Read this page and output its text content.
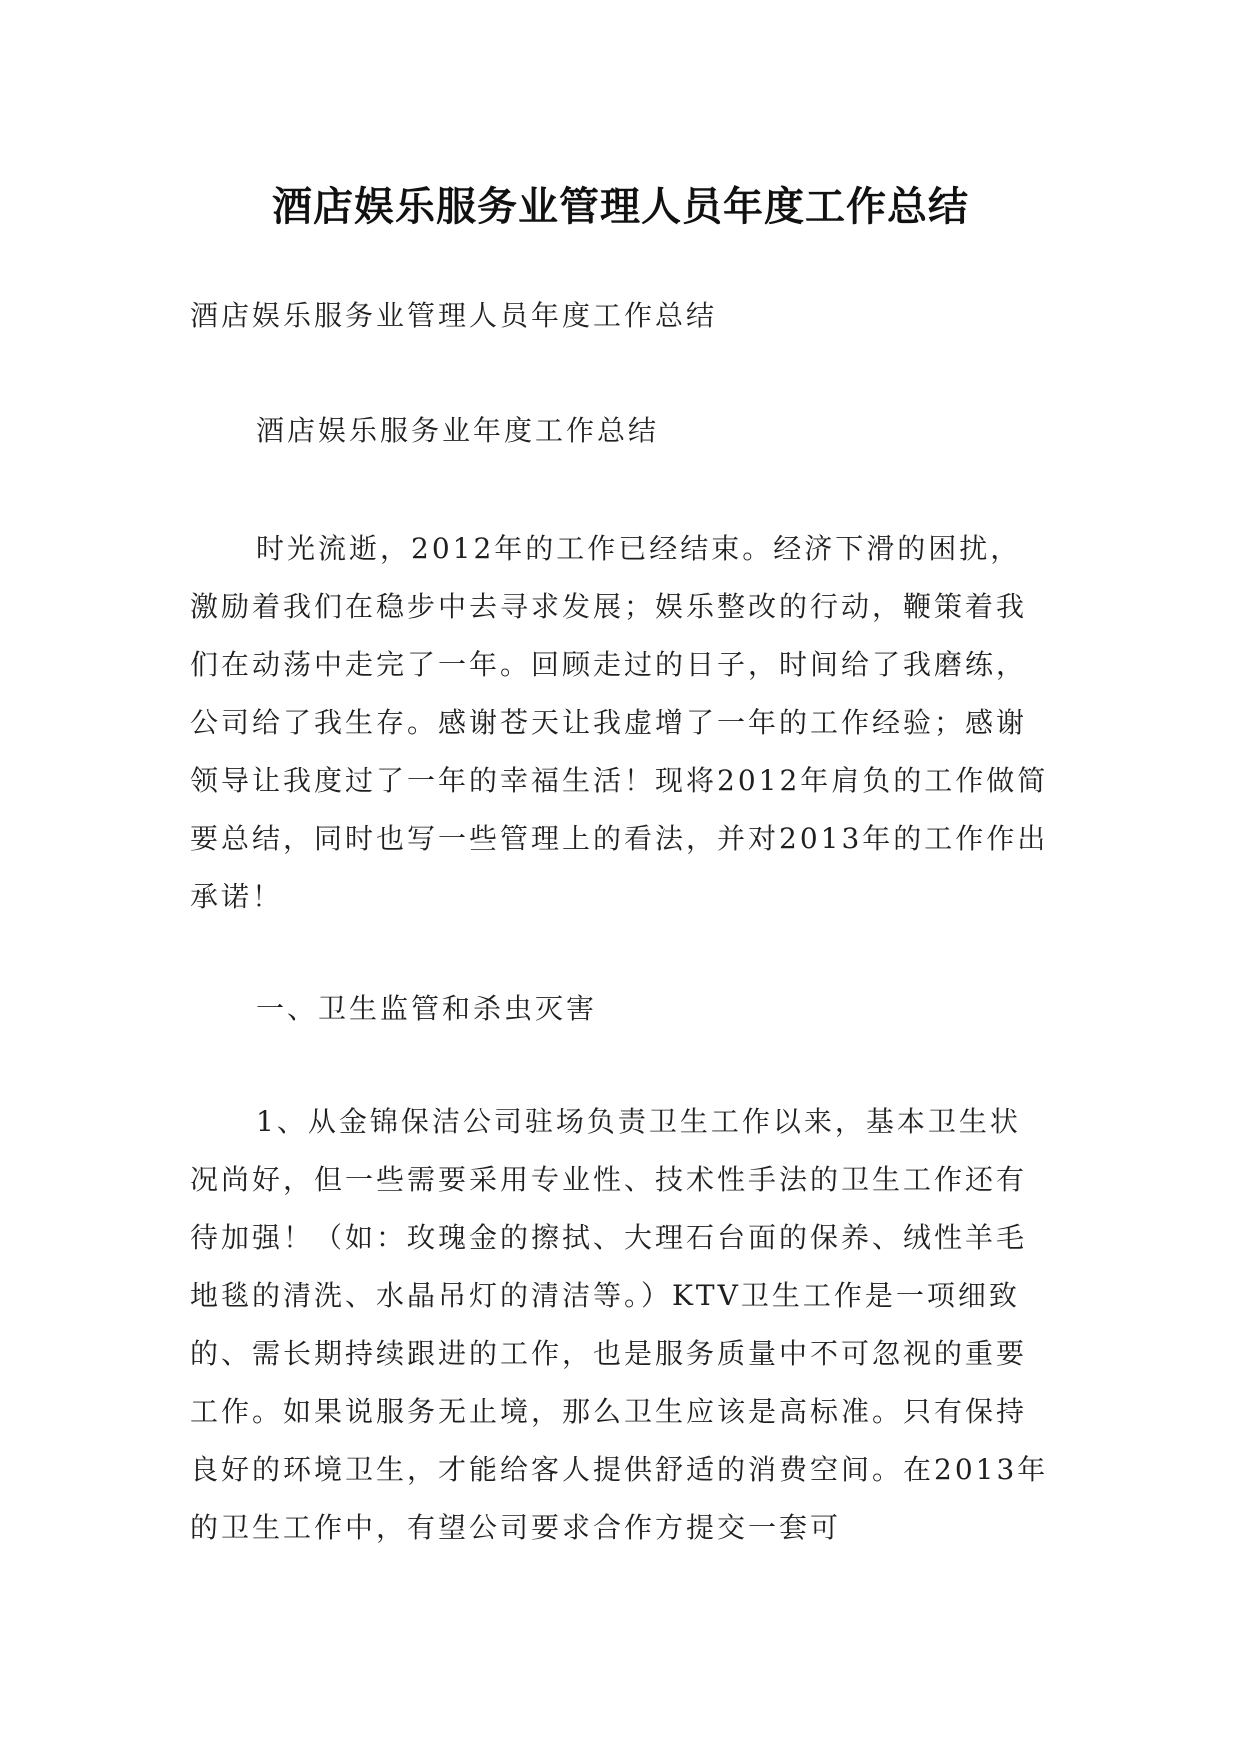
酒店娱乐服务业管理人员年度工作总结

酒店娱乐服务业管理人员年度工作总结

酒店娱乐服务业年度工作总结

时光流逝，2012年的工作已经结束。经济下滑的困扰，激励着我们在稳步中去寻求发展；娱乐整改的行动，鞭策着我们在动荡中走完了一年。回顾走过的日子，时间给了我磨练，公司给了我生存。感谢苍天让我虚增了一年的工作经验；感谢领导让我度过了一年的幸福生活！现将2012年肩负的工作做简要总结，同时也写一些管理上的看法，并对2013年的工作作出承诺！

一、卫生监管和杀虫灭害

1、从金锦保洁公司驻场负责卫生工作以来，基本卫生状况尚好，但一些需要采用专业性、技术性手法的卫生工作还有待加强！（如：玫瑰金的擦拭、大理石台面的保养、绒性羊毛地毯的清洗、水晶吊灯的清洁等。）KTV卫生工作是一项细致的、需长期持续跟进的工作，也是服务质量中不可忽视的重要工作。如果说服务无止境，那么卫生应该是高标准。只有保持良好的环境卫生，才能给客人提供舒适的消费空间。在2013年的卫生工作中，有望公司要求合作方提交一套可
